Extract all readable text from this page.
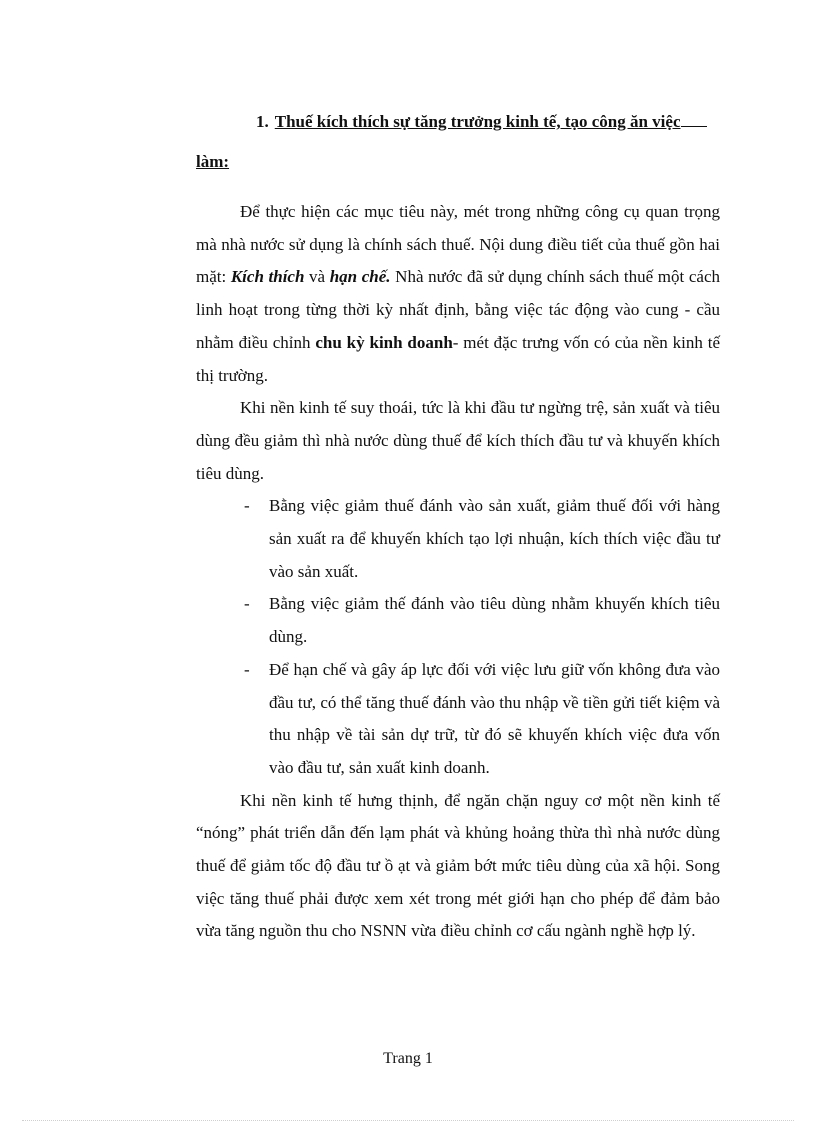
1. Thuế kích thích sự tăng trưởng kinh tế, tạo công ăn việc
làm:

Để thực hiện các mục tiêu này, mét trong những công cụ quan trọng mà nhà nước sử dụng là chính sách thuế. Nội dung điều tiết của thuế gồn hai mặt: Kích thích và hạn chế. Nhà nước đã sử dụng chính sách thuế một cách linh hoạt trong từng thời kỳ nhất định, bằng việc tác động vào cung - cầu nhằm điều chỉnh chu kỳ kinh doanh- mét đặc trưng vốn có của nền kinh tế thị trường.

Khi nền kinh tế suy thoái, tức là khi đầu tư ngừng trệ, sản xuất và tiêu dùng đều giảm thì nhà nước dùng thuế để kích thích đầu tư và khuyến khích tiêu dùng.

- Bằng việc giảm thuế đánh vào sản xuất, giảm thuế đối với hàng sản xuất ra để khuyến khích tạo lợi nhuận, kích thích việc đầu tư vào sản xuất.
- Bằng việc giảm thế đánh vào tiêu dùng nhằm khuyến khích tiêu dùng.
- Để hạn chế và gây áp lực đối với việc lưu giữ vốn không đưa vào đầu tư, có thể tăng thuế đánh vào thu nhập về tiền gửi tiết kiệm và thu nhập về tài sản dự trữ, từ đó sẽ khuyến khích việc đưa vốn vào đầu tư, sản xuất kinh doanh.

Khi nền kinh tế hưng thịnh, để ngăn chặn nguy cơ một nền kinh tế “nóng” phát triển dẫn đến lạm phát và khủng hoảng thừa thì nhà nước dùng thuế để giảm tốc độ đầu tư ồ ạt và giảm bớt mức tiêu dùng của xã hội. Song việc tăng thuế phải được xem xét trong mét giới hạn cho phép để đảm bảo vừa tăng nguồn thu cho NSNN vừa điều chỉnh cơ cấu ngành nghề hợp lý.

Trang 1
